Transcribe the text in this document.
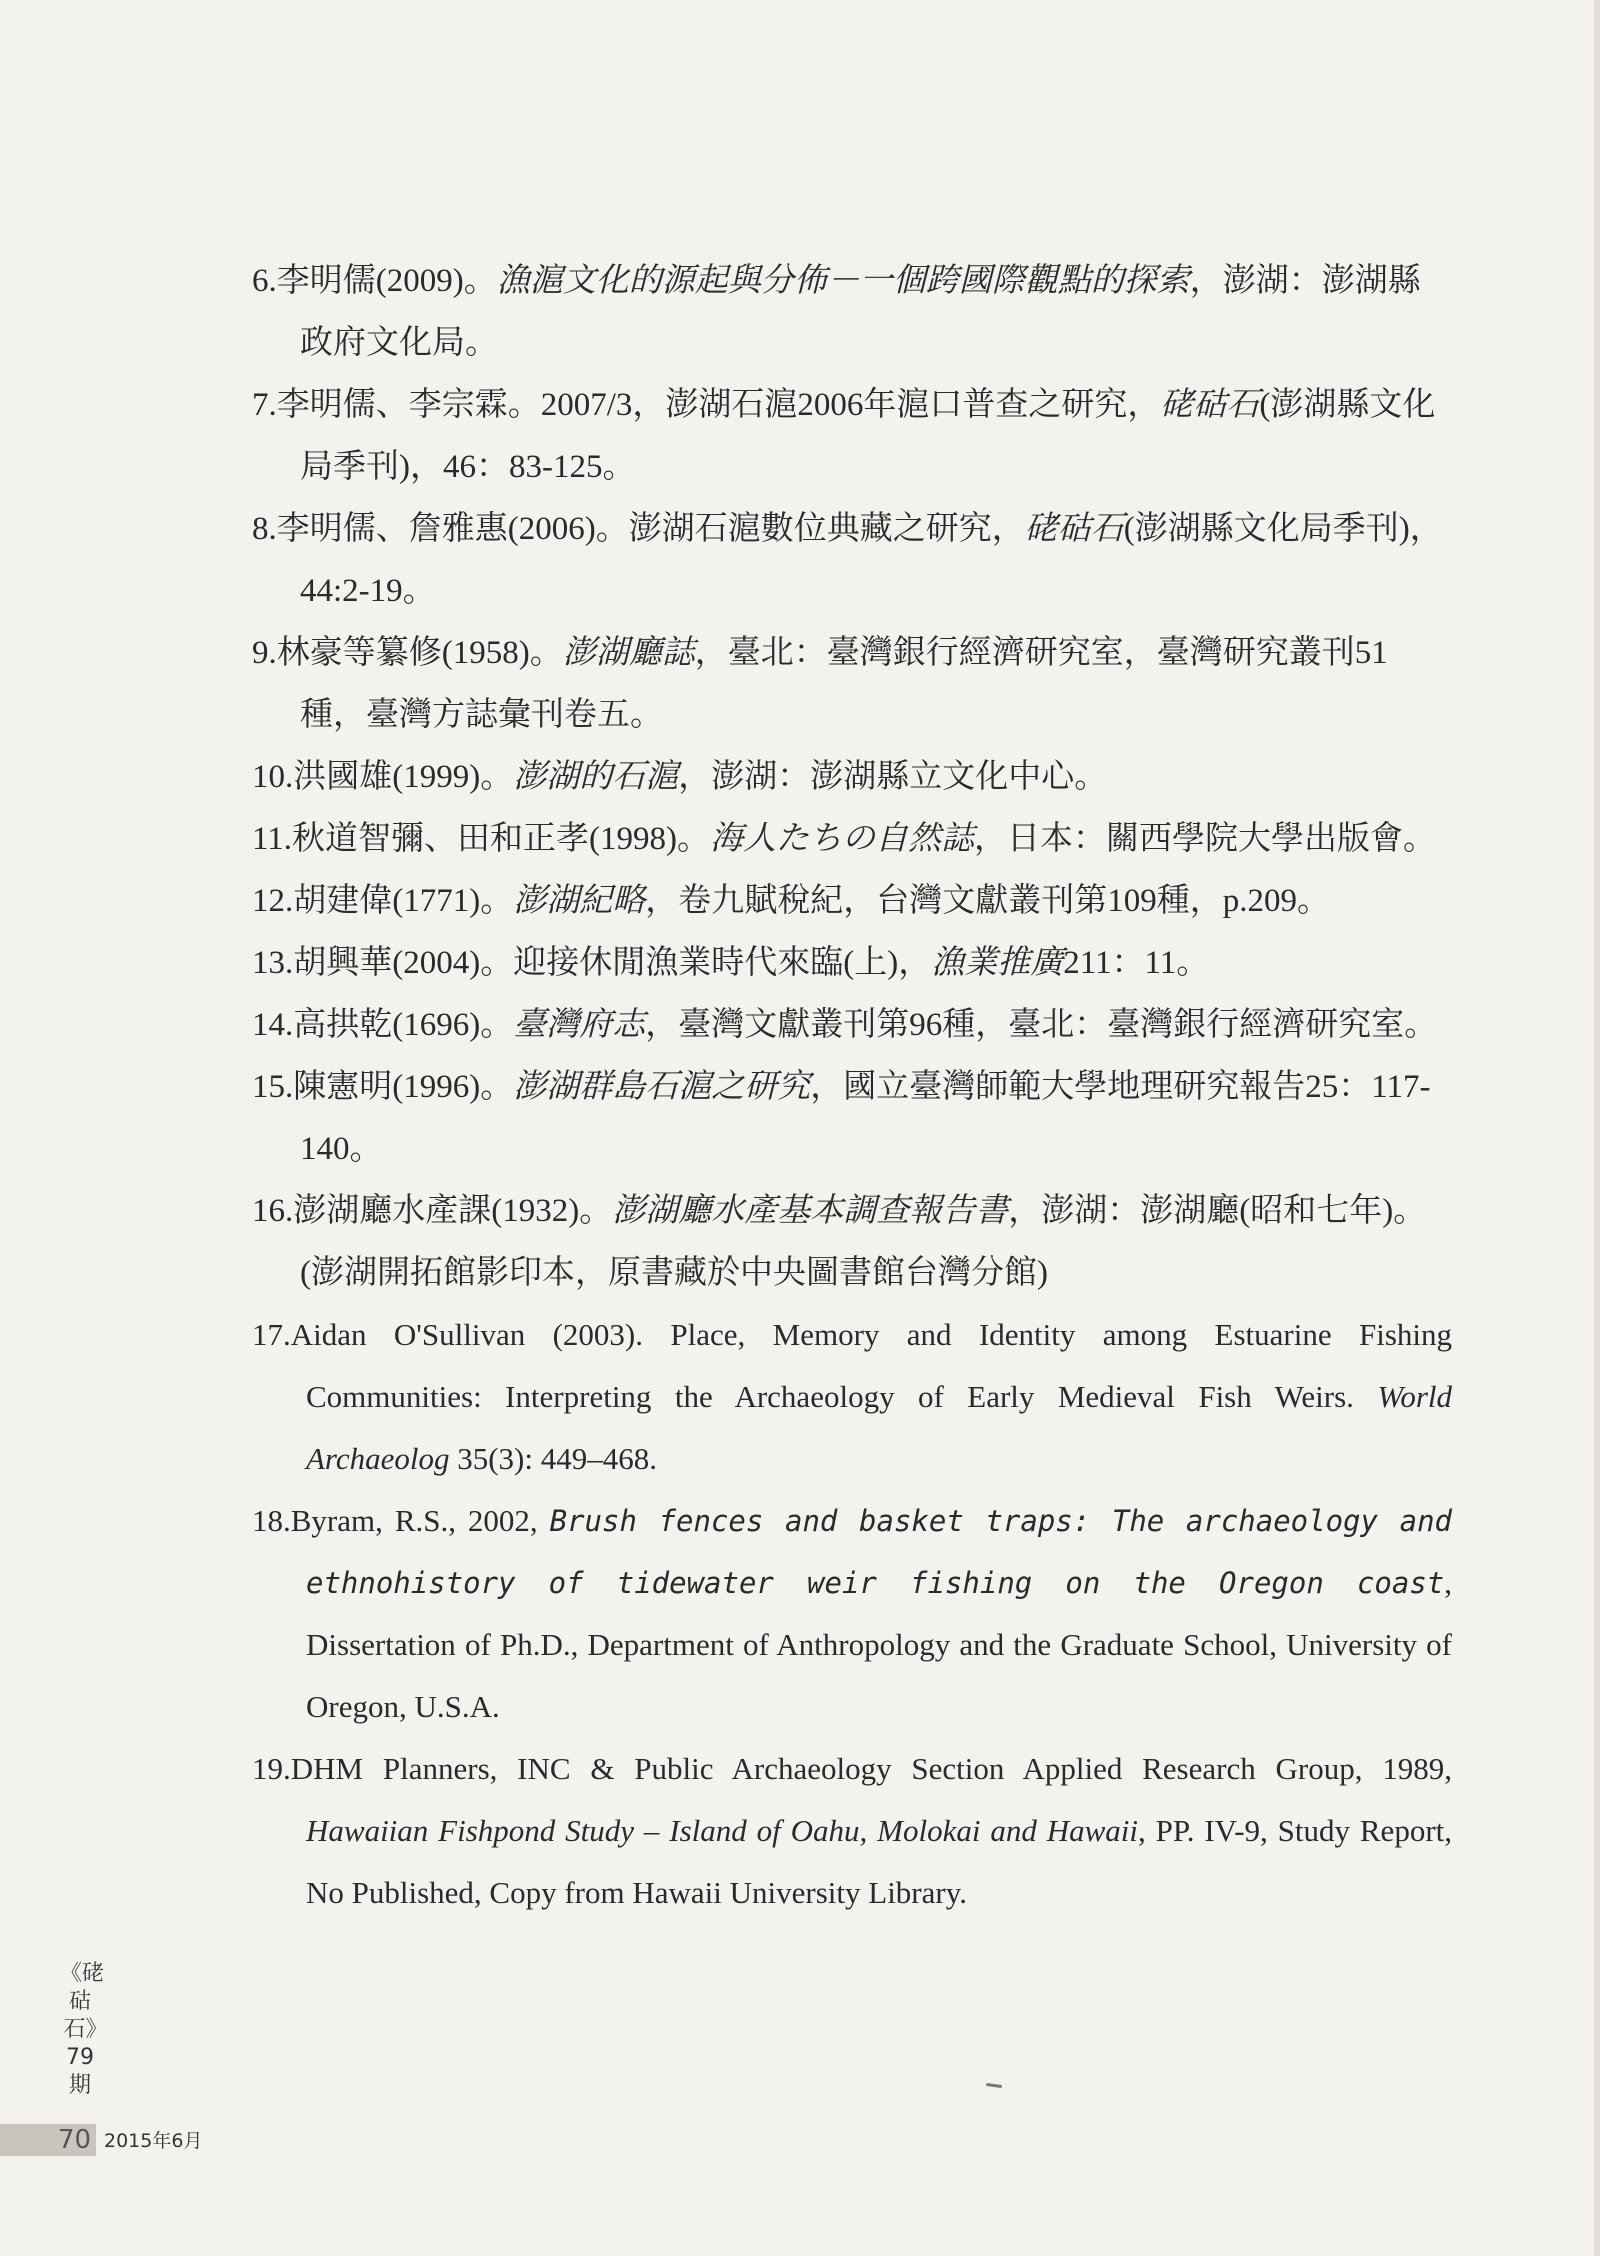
6.李明儒(2009)。漁滬文化的源起與分佈－一個跨國際觀點的探索，澎湖：澎湖縣政府文化局。
7.李明儒、李宗霖。2007/3，澎湖石滬2006年滬口普查之研究，硓𥑮石(澎湖縣文化局季刊)，46：83-125。
8.李明儒、詹雅惠(2006)。澎湖石滬數位典藏之研究，硓𥑮石(澎湖縣文化局季刊)，44:2-19。
9.林豪等纂修(1958)。澎湖廳誌，臺北：臺灣銀行經濟研究室，臺灣研究叢刊51種，臺灣方誌彙刊卷五。
10.洪國雄(1999)。澎湖的石滬，澎湖：澎湖縣立文化中心。
11.秋道智彌、田和正孝(1998)。海人たちの自然誌，日本：關西學院大學出版會。
12.胡建偉(1771)。澎湖紀略，卷九賦稅紀，台灣文獻叢刊第109種，p.209。
13.胡興華(2004)。迎接休閒漁業時代來臨(上)，漁業推廣211：11。
14.高拱乾(1696)。臺灣府志，臺灣文獻叢刊第96種，臺北：臺灣銀行經濟研究室。
15.陳憲明(1996)。澎湖群島石滬之研究，國立臺灣師範大學地理研究報告25：117-140。
16.澎湖廳水產課(1932)。澎湖廳水產基本調查報告書，澎湖：澎湖廳(昭和七年)。(澎湖開拓館影印本，原書藏於中央圖書館台灣分館)
17.Aidan O'Sullivan (2003). Place, Memory and Identity among Estuarine Fishing Communities: Interpreting the Archaeology of Early Medieval Fish Weirs. World Archaeolog 35(3): 449–468.
18.Byram, R.S., 2002, Brush fences and basket traps: The archaeology and ethnohistory of tidewater weir fishing on the Oregon coast, Dissertation of Ph.D., Department of Anthropology and the Graduate School, University of Oregon, U.S.A.
19.DHM Planners, INC & Public Archaeology Section Applied Research Group, 1989, Hawaiian Fishpond Study – Island of Oahu, Molokai and Hawaii, PP. IV-9, Study Report, No Published, Copy from Hawaii University Library.
《硓𥑮石》79期
70 2015年6月
